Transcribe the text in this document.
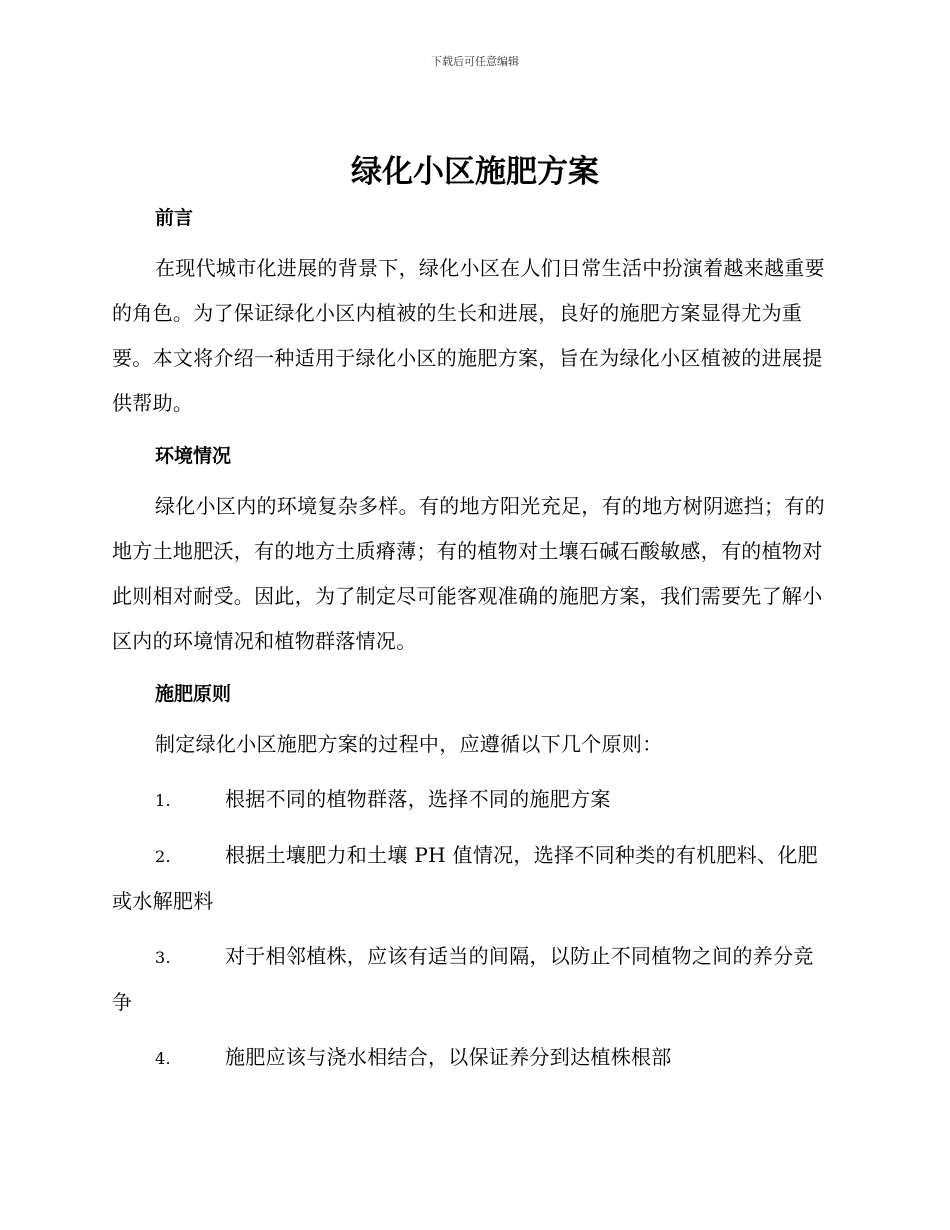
下载后可任意编辑
绿化小区施肥方案
前言

在现代城市化进展的背景下，绿化小区在人们日常生活中扮演着越来越重要的角色。为了保证绿化小区内植被的生长和进展，良好的施肥方案显得尤为重要。本文将介绍一种适用于绿化小区的施肥方案，旨在为绿化小区植被的进展提供帮助。

环境情况

绿化小区内的环境复杂多样。有的地方阳光充足，有的地方树阴遮挡；有的地方土地肥沃，有的地方土质瘠薄；有的植物对土壤石碱石酸敏感，有的植物对此则相对耐受。因此，为了制定尽可能客观准确的施肥方案，我们需要先了解小区内的环境情况和植物群落情况。

施肥原则

制定绿化小区施肥方案的过程中，应遵循以下几个原则：

1.	根据不同的植物群落，选择不同的施肥方案

2.	根据土壤肥力和土壤 PH 值情况，选择不同种类的有机肥料、化肥或水解肥料

3.	对于相邻植株，应该有适当的间隔，以防止不同植物之间的养分竞争

4.	施肥应该与浇水相结合，以保证养分到达植株根部
